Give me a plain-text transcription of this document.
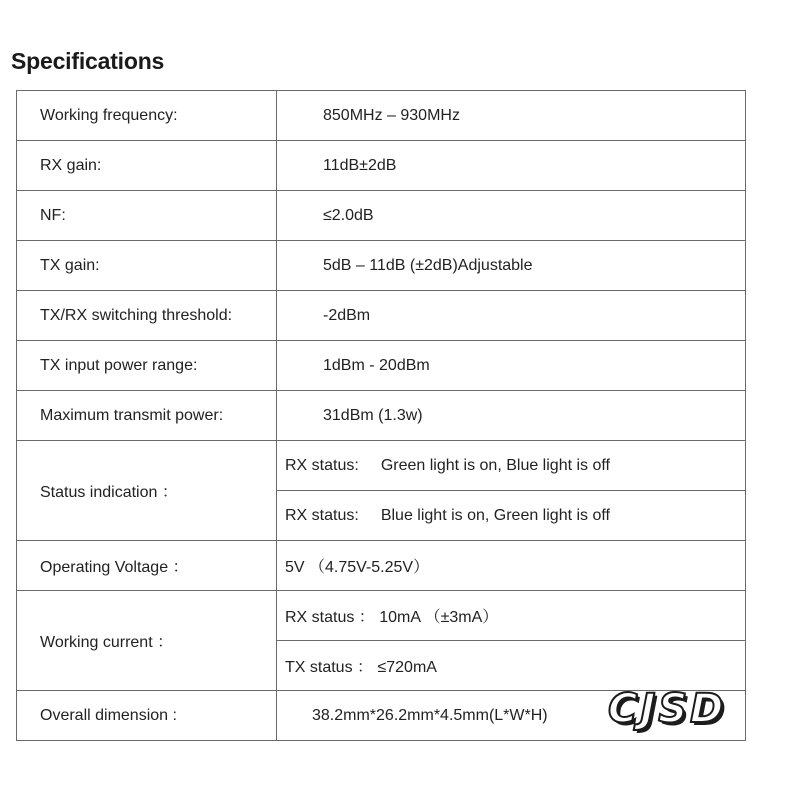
Specifications
Working frequency:	850MHz – 930MHz
RX gain:	11dB±2dB
NF:	≤2.0dB
TX gain:	5dB – 11dB (±2dB)Adjustable
TX/RX switching threshold:	-2dBm
TX input power range:	1dBm - 20dBm
Maximum transmit power:	31dBm (1.3w)
Status indication ：	RX status: Green light is on, Blue light is off
	RX status: Blue light is on, Green light is off
Operating Voltage ：	5V （4.75V-5.25V）
Working current ：	RX status ： 10mA （±3mA）
	TX status ： ≤720mA
Overall dimension :	38.2mm*26.2mm*4.5mm(L*W*H) CJSD
